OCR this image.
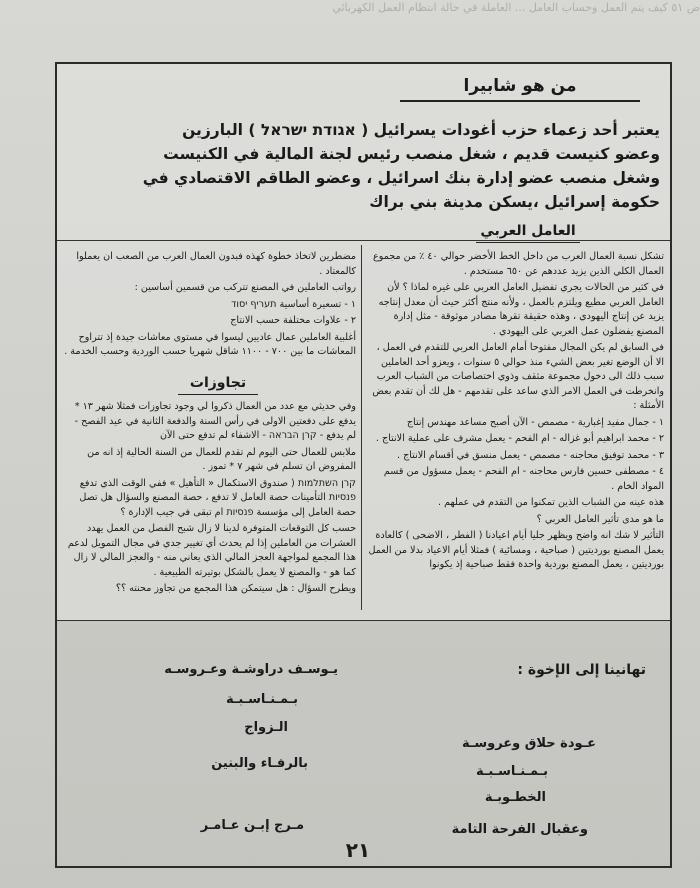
ص ٥١ كيف يتم العمل وحساب العامل ... العاملة في حالة انتظام العمل الكهربائي
من هو شابيرا
يعتبر أحد زعماء حزب أغودات يسرائيل ( אגודת ישראל ) البارزين وعضو كنيست قديم ، شغل منصب رئيس لجنة المالية في الكنيست وشغل منصب عضو إدارة بنك اسرائيل ، وعضو الطاقم الاقتصادي في حكومة إسرائيل ،يسكن مدينة بني براك
العامل العربي

تشكل نسبة العمال العرب من داخل الخط الأخضر حوالي ٤٠ ٪ من مجموع العمال الكلي الذين يزيد عددهم عن ٦٥٠ مستخدم .

في كثير من الحالات يجري تفضيل العامل العربي على غيره لماذا ؟ لأن العامل العربي مطيع ويلتزم بالعمل ، ولأنه منتج أكثر حيث أن معدل إنتاجه يزيد عن إنتاج اليهودي ، وهذه حقيقة تقرها مصادر موثوقة - مثل إدارة المصنع يفضلون عمل العربي على اليهودي .

في السابق لم يكن المجال مفتوحا أمام العامل العربي للتقدم في العمل ، الا أن الوضع تغير بعض الشيء منذ حوالي ٥ سنوات ، ويعزو أحد العاملين سبب ذلك الى دخول مجموعة مثقف وذوي اختصاصات من الشباب العرب وانخرطت في العمل الامر الذي ساعد على تقدمهم - هل لك أن تقدم بعض الأمثلة :

١ - جمال مفيد إغبارية - مصمص - الآن أصبح مساعد مهندس إنتاج

٢ - محمد ابراهيم أبو غزاله - ام الفحم - يعمل مشرف على عملية الانتاج .

٣ - محمد توفيق محاجنه - مصمص - يعمل منسق في أقسام الانتاج .

٤ - مصطفى حسين فارس محاجنه - ام الفحم - يعمل مسؤول من قسم المواد الخام .

هذه عينه من الشباب الذين تمكنوا من التقدم في عملهم .

ما هو مدى تأثير العامل العربي ؟

التأثير لا شك انه واضح ويظهر جليا أيام اعيادنا ( الفطر ، الاضحى ) كالعادة يعمل المصنع بورديتين ( صباحية ، ومسائية ) فمثلا أيام الاعياد بدلا من العمل بورديتين ، يعمل المصنع بوردية واحدة فقط صباحية إذ يكونوا

مضطرين لاتخاذ خطوة كهذه فبدون العمال العرب من الصعب ان يعملوا كالمعتاد .

رواتب العاملين في المصنع تتركب من قسمين أساسين :

١ - تسعيرة أساسية תעריף יסוד

٢ - علاوات مختلفة حسب الانتاج

أغلبية العاملين عمال عاديين ليسوا في مستوى معاشات جيدة إذ تتراوح المعاشات ما بين ٧٠٠ - ١١٠٠ شاقل شهريا حسب الوردية وحسب الخدمة .

تجاوزات

وفي حديثي مع عدد من العمال ذكروا لي وجود تجاوزات فمثلا شهر ١٣ * يدفع على دفعتين الاولى في رأس السنة والدفعة الثانية في عيد الفصح - لم يدفع - קרן הבראה - الاشفاء لم تدفع حتى الآن

ملابس للعمال حتى اليوم لم تقدم للعمال من السنة الحالية إذ انه من المفروض ان تسلم في شهر ٧ * تموز .

קרן השתלמות ( صندوق الاستكمال « التأهيل » ففي الوقت الذي تدفع פנסיות التأمينات حصة العامل لا تدفع ، حصة المصنع والسؤال هل تصل حصة العامل إلى مؤسسة פנסיות ام تبقى في جيب الإدارة ؟

حسب كل التوقعات المتوفرة لدينا لا زال شبح الفصل من العمل يهدد العشرات من العاملين إذا لم يحدث أي تغيير جدي في مجال التمويل لدعم هذا المجمع لمواجهة العجز المالي الذي يعاني منه - والعجز المالي لا زال كما هو - والمصنع لا يعمل بالشكل بوتيرته الطبيعية .

ويطرح السؤال : هل سيتمكن هذا المجمع من تجاوز محنته ؟؟

يـوسـف دراوشـة وعـروسـه
بـمـنـاسـبـة
الـزواج
بالرفـاء والبنين
مـرج إبـن عـامـر
تهانينا إلى الإخوة :
عـودة حلاق وعروسـة
بـمـنـاسـبـة
الخطـوبـة
وعقبال الفرحة التامة
٢١
